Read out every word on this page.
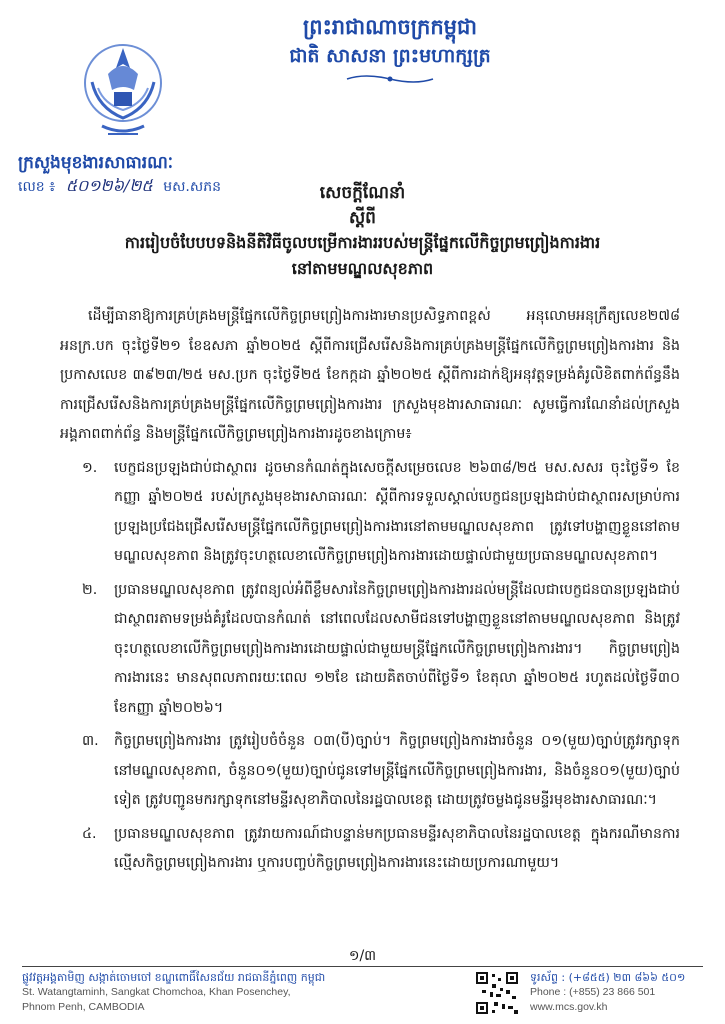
ព្រះរាជាណាចក្រកម្ពុជា
ជាតិ សាសនា ព្រះមហាក្សត្រ
ក្រសួងមុខងារសាធារណៈ
លេខ ៖ ៥០១២៦/២៥ មស.សភន	សេចក្តីណែនាំ
ស្តីពី
ការរៀបចំបែបបទនិងនីតិវិធីចូលបម្រើការងាររបស់មន្ត្រីផ្នែកលើកិច្ចព្រមព្រៀងការងារ
នៅតាមមណ្ឌលសុខភាព

ដើម្បីធានាឱ្យការគ្រប់គ្រងមន្ត្រីផ្នែកលើកិច្ចព្រមព្រៀងការងារមានប្រសិទ្ធភាពខ្ពស់ អនុលោមអនុក្រឹត្យលេខ២៧៨ អនក្រ.បក ចុះថ្ងៃទី២១ ខែឧសភា ឆ្នាំ២០២៥ ស្តីពីការជ្រើសរើសនិងការគ្រប់គ្រងមន្ត្រីផ្នែកលើកិច្ចព្រមព្រៀងការងារ និងប្រកាសលេខ ៣៩២៣/២៥ មស.ប្រក ចុះថ្ងៃទី២៥ ខែកក្កដា ឆ្នាំ២០២៥ ស្តីពីការដាក់ឱ្យអនុវត្តទម្រង់គំរូលិខិតពាក់ព័ន្ធនឹងការជ្រើសរើសនិងការគ្រប់គ្រងមន្ត្រីផ្នែកលើកិច្ចព្រមព្រៀងការងារ ក្រសួងមុខងារសាធារណៈ សូមធ្វើការណែនាំដល់ក្រសួង អង្គភាពពាក់ព័ន្ធ និងមន្ត្រីផ្នែកលើកិច្ចព្រមព្រៀងការងារដូចខាងក្រោម៖

១. បេក្ខជនប្រឡងជាប់ជាស្ថាពរ ដូចមានកំណត់ក្នុងសេចក្តីសម្រេចលេខ ២៦៣៨/២៥ មស.សសរ ចុះថ្ងៃទី១ ខែកញ្ញា ឆ្នាំ២០២៥ របស់ក្រសួងមុខងារសាធារណៈ ស្តីពីការទទួលស្គាល់បេក្ខជនប្រឡងជាប់ជាស្ថាពរសម្រាប់ការប្រឡងប្រជែងជ្រើសរើសមន្ត្រីផ្នែកលើកិច្ចព្រមព្រៀងការងារនៅតាមមណ្ឌលសុខភាព ត្រូវទៅបង្ហាញខ្លួននៅតាមមណ្ឌលសុខភាព និងត្រូវចុះហត្ថលេខាលើកិច្ចព្រមព្រៀងការងារដោយផ្ទាល់ជាមួយប្រធានមណ្ឌលសុខភាព។
២. ប្រធានមណ្ឌលសុខភាព ត្រូវពន្យល់អំពីខ្លឹមសារនៃកិច្ចព្រមព្រៀងការងារដល់មន្ត្រីដែលជាបេក្ខជនបានប្រឡងជាប់ជាស្ថាពរតាមទម្រង់គំរូដែលបានកំណត់ នៅពេលដែលសាមីជនទៅបង្ហាញខ្លួននៅតាមមណ្ឌលសុខភាព និងត្រូវចុះហត្ថលេខាលើកិច្ចព្រមព្រៀងការងារដោយផ្ទាល់ជាមួយមន្ត្រីផ្នែកលើកិច្ចព្រមព្រៀងការងារ។ កិច្ចព្រមព្រៀងការងារនេះ មានសុពលភាពរយៈពេល ១២ខែ ដោយគិតចាប់ពីថ្ងៃទី១ ខែតុលា ឆ្នាំ២០២៥ រហូតដល់ថ្ងៃទី៣០ ខែកញ្ញា ឆ្នាំ២០២៦។
៣. កិច្ចព្រមព្រៀងការងារ ត្រូវរៀបចំចំនួន ០៣(បី)ច្បាប់។ កិច្ចព្រមព្រៀងការងារចំនួន ០១(មួយ)ច្បាប់ត្រូវរក្សាទុកនៅមណ្ឌលសុខភាព, ចំនួន០១(មួយ)ច្បាប់ជូនទៅមន្ត្រីផ្នែកលើកិច្ចព្រមព្រៀងការងារ, និងចំនួន០១(មួយ)ច្បាប់ទៀត ត្រូវបញ្ជូនមករក្សាទុកនៅមន្ទីរសុខាភិបាលនៃរដ្ឋបាលខេត្ត ដោយត្រូវចម្លងជូនមន្ទីរមុខងារសាធារណៈ។
៤. ប្រធានមណ្ឌលសុខភាព ត្រូវរាយការណ៍ជាបន្ទាន់មកប្រធានមន្ទីរសុខាភិបាលនៃរដ្ឋបាលខេត្ត ក្នុងករណីមានការល្មើសកិច្ចព្រមព្រៀងការងារ ឬការបញ្ចប់កិច្ចព្រមព្រៀងការងារនេះដោយប្រការណាមួយ។
១/៣
ផ្លូវវត្តអង្គតាមិញ សង្កាត់ចោមចៅ ខណ្ឌពោធិ៍សែនជ័យ រាជធានីភ្នំពេញ កម្ពុជា
St. Watangtaminh, Sangkat Chomchoa, Khan Posenchey,
Phnom Penh, CAMBODIA
ទូរស័ព្ទ : (+៨៥៥) ២៣ ៨៦៦ ៥០១
Phone : (+855) 23 866 501
www.mcs.gov.kh
